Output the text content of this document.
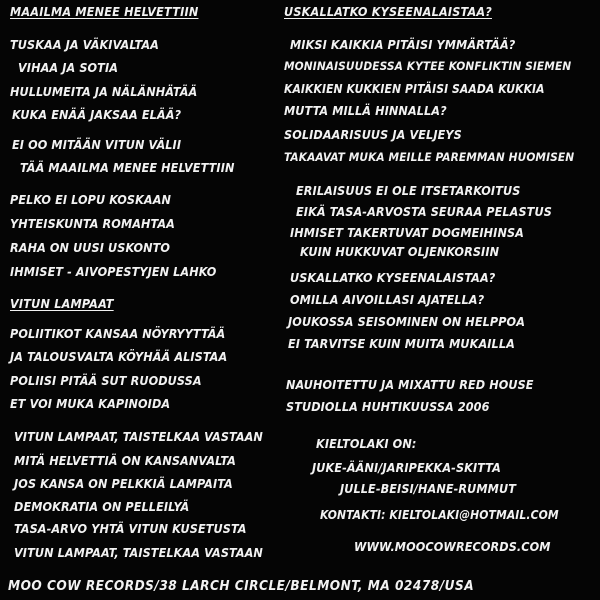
MAAILMA MENEE HELVETTIIN
TUSKAA JA VÄKIVALTAA
VIHAA JA SOTIA
HULLUMEITA JA NÄLÄNHÄTÄÄ
KUKA ENÄÄ JAKSAA ELÄÄ?
EI OO MITÄÄN VITUN VÄLII
TÄÄ MAAILMA MENEE HELVETTIIN
PELKO EI LOPU KOSKAAN
YHTEISKUNTA ROMAHTAA
RAHA ON UUSI USKONTO
IHMISET - AIVOPESTYJEN LAHKO
VITUN LAMPAAT
POLIITIKOT KANSAA NÖYRYYTTÄÄ
JA TALOUSVALTA KÖYHÄÄ ALISTAA
POLIISI PITÄÄ SUT RUODUSSA
ET VOI MUKA KAPINOIDA
VITUN LAMPAAT, TAISTELKAA VASTAAN
MITÄ HELVETTIÄ ON KANSANVALTA
JOS KANSA ON PELKKIÄ LAMPAITA
DEMOKRATIA ON PELLEILYÄ
TASA-ARVO YHTÄ VITUN KUSETUSTA
VITUN LAMPAAT, TAISTELKAA VASTAAN
USKALLATKO KYSEENALAISTAA?
MIKSI KAIKKIA PITÄISI YMMÄRTÄÄ?
MONINAISUUDESSA KYTEE KONFLIKTIN SIEMEN
KAIKKIEN KUKKIEN PITÄISI SAADA KUKKIA
MUTTA MILLÄ HINNALLA?
SOLIDAARISUUS JA VELJEYS
TAKAAVAT MUKA MEILLE PAREMMAN HUOMISEN
ERILAISUUS EI OLE ITSETARKOITUS
EIKÄ TASA-ARVOSTA SEURAA PELASTUS
IHMISET TAKERTUVAT DOGMEIHINSA
KUIN HUKKUVAT OLJENKORSIIN
USKALLATKO KYSEENALAISTAA?
OMILLA AIVOILLASI AJATELLA?
JOUKOSSA SEISOMINEN ON HELPPOA
EI TARVITSE KUIN MUITA MUKAILLA
NAUHOITETTU JA MIXATTU RED HOUSE
STUDIOLLA HUHTIKUUSSA 2006
KIELTOLAKI ON:
JUKE-ÄÄNI/JARIPEKKA-SKITTA
JULLE-BEISI/HANE-RUMMUT
KONTAKTI: KIELTOLAKI@HOTMAIL.COM
WWW.MOOCOWRECORDS.COM
MOO COW RECORDS/38 LARCH CIRCLE/BELMONT, MA 02478/USA
